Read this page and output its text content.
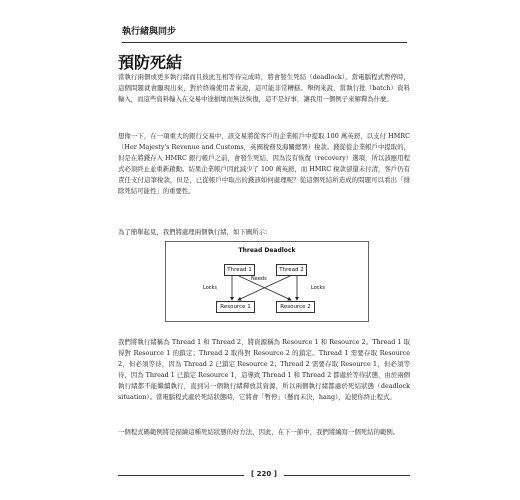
執行緒與同步
預防死結
當執行兩個或更多執行緒而且彼此互相等待完成時，將會發生死結（deadlock）。當電腦程式暫停時，這個問題就會顯現出來，對於終端使用者來說，這可能非常糟糕。舉例來說，當執行批（batch）資料輸入，而這些資料輸入在交易中途損壞而無法恢復，這不是好事，讓我用一個例子來解釋為什麼。
想像一下，在一項重大的銀行交易中，該交易將從客戶的企業帳戶中提取 100 萬英鎊，以支付 HMRC（Her Majesty's Revenue and Customs，英國稅務及海關總署）稅款。錢從從企業帳戶中提取的，但是在將錢存入 HMRC 銀行帳戶之前，會發生死結，因為沒有恢復（recovery）選項，所以該應用程式必須終止並重新啟動。結果企業帳戶因此減少了 100 萬英鎊，而 HMRC 稅款卻還未付清，客戶仍有責任支付這筆稅款，但是，已從帳戶中取出的錢該如何處理呢？從這個死結所造成的問題可以看出「排除死結可能性」的重要性。
為了簡單起見，我們將處理兩個執行緒，如下圖所示：
Thread Deadlock
Thread 1	Thread 2
Resource 1	Resource 2
Needs
Locks	Locks
我們將執行緒稱為 Thread 1 和 Thread 2，將資源稱為 Resource 1 和 Resource 2。Thread 1 取得對 Resource 1 的鎖定；Thread 2 取得對 Resource 2 的鎖定。Thread 1 需要存取 Resource 2，但必須等待，因為 Thread 2 已鎖定 Resource 2；Thread 2 需要存取 Resource 1，但必須等待，因為 Thread 1 已鎖定 Resource 1，這導致 Thread 1 和 Thread 2 都處於等待狀態，由於兩個執行緒都不能繼續執行，直到另一個執行緒釋放其資源，所以兩個執行緒都處於死結狀態（deadlock situation）。當電腦程式處於死結狀態時，它將會「暫停」（懸而未決，hang），迫使你終止程式。
一個程式碼範例將是描繪這種死結狀態的好方法，因此，在下一節中，我們將編寫一個死結的範例。
[ 220 ]
